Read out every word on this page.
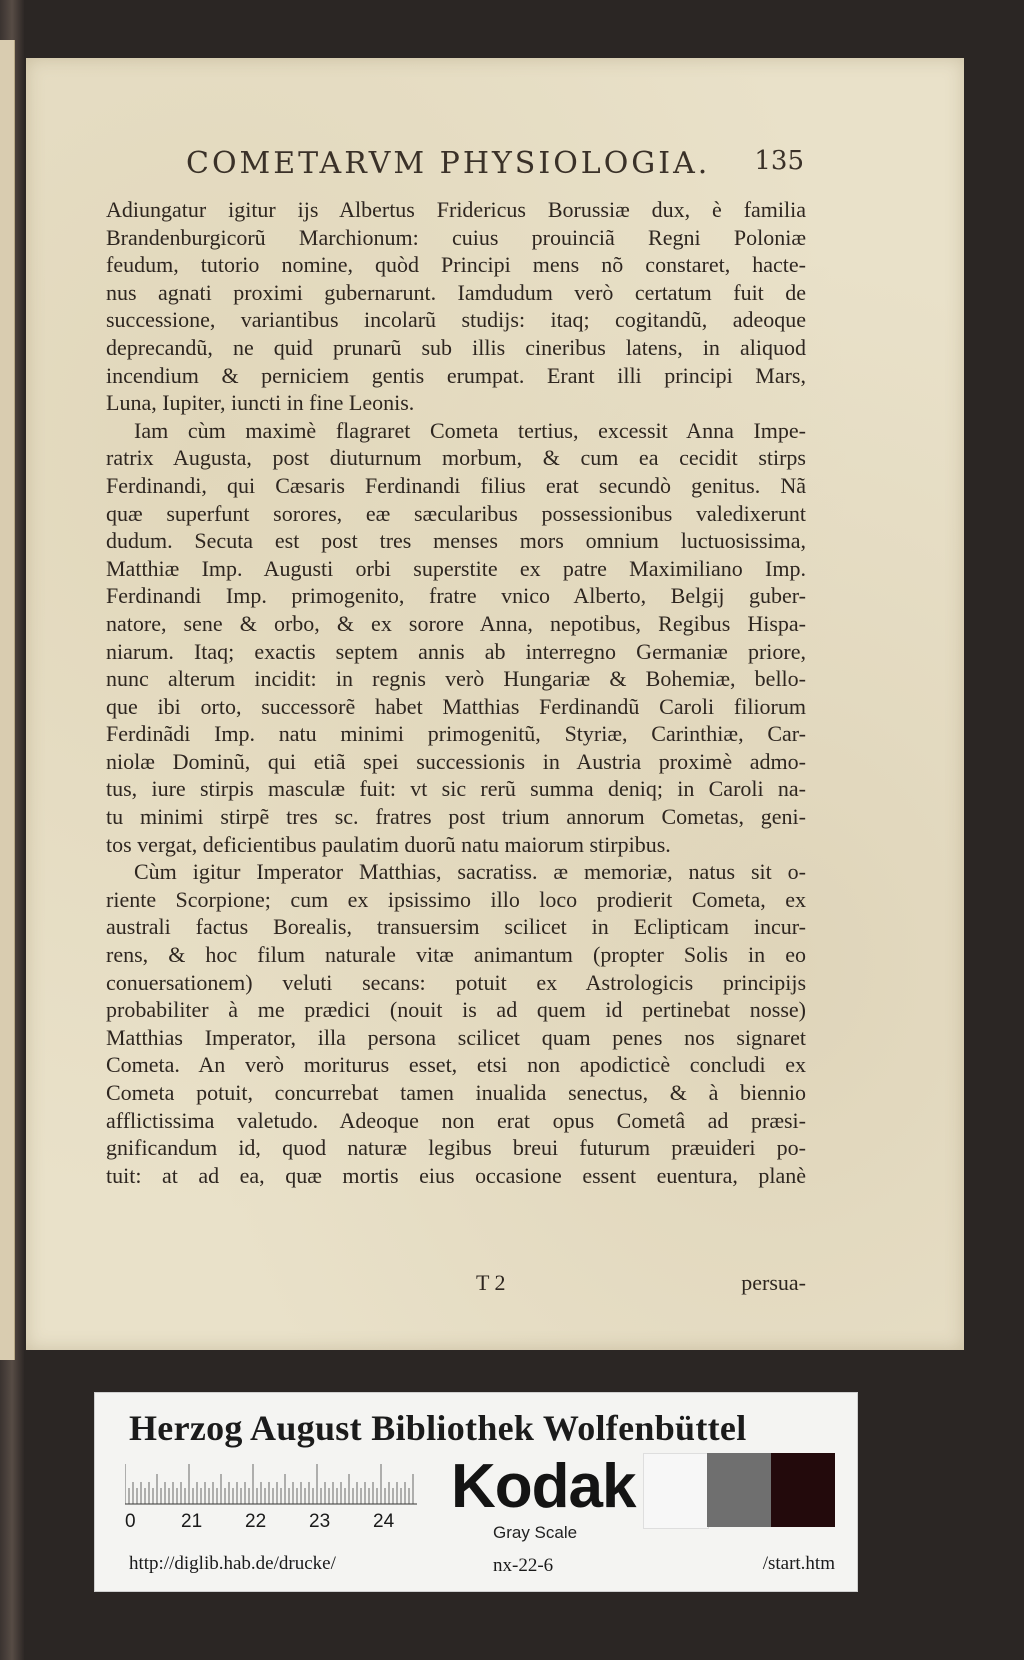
COMETARVM PHYSIOLOGIA. 135
Adiungatur igitur ijs Albertus Fridericus Borussiæ dux, è familia
Brandenburgicorũ Marchionum: cuius prouinciã Regni Poloniæ
feudum, tutorio nomine, quòd Principi mens nõ constaret, hacte-
nus agnati proximi gubernarunt. Iamdudum verò certatum fuit de
successione, variantibus incolarũ studijs: itaq; cogitandũ, adeoque
deprecandũ, ne quid prunarũ sub illis cineribus latens, in aliquod
incendium & perniciem gentis erumpat. Erant illi principi Mars,
Luna, Iupiter, iuncti in fine Leonis.
Iam cùm maximè flagraret Cometa tertius, excessit Anna Impe-
ratrix Augusta, post diuturnum morbum, & cum ea cecidit stirps
Ferdinandi, qui Cæsaris Ferdinandi filius erat secundò genitus. Nã
quæ superfunt sorores, eæ sæcularibus possessionibus valedixerunt
dudum. Secuta est post tres menses mors omnium luctuosissima,
Matthiæ Imp. Augusti orbi superstite ex patre Maximiliano Imp.
Ferdinandi Imp. primogenito, fratre vnico Alberto, Belgij guber-
natore, sene & orbo, & ex sorore Anna, nepotibus, Regibus Hispa-
niarum. Itaq; exactis septem annis ab interregno Germaniæ priore,
nunc alterum incidit: in regnis verò Hungariæ & Bohemiæ, bello-
que ibi orto, successorẽ habet Matthias Ferdinandũ Caroli filiorum
Ferdinãdi Imp. natu minimi primogenitũ, Styriæ, Carinthiæ, Car-
niolæ Dominũ, qui etiã spei successionis in Austria proximè admo-
tus, iure stirpis masculæ fuit: vt sic rerũ summa deniq; in Caroli na-
tu minimi stirpẽ tres sc. fratres post trium annorum Cometas, geni-
tos vergat, deficientibus paulatim duorũ natu maiorum stirpibus.
Cùm igitur Imperator Matthias, sacratiss. æ memoriæ, natus sit o-
riente Scorpione; cum ex ipsissimo illo loco prodierit Cometa, ex
australi factus Borealis, transuersim scilicet in Eclipticam incur-
rens, & hoc filum naturale vitæ animantum (propter Solis in eo
conuersationem) veluti secans: potuit ex Astrologicis principijs
probabiliter à me prædici (nouit is ad quem id pertinebat nosse)
Matthias Imperator, illa persona scilicet quam penes nos signaret
Cometa. An verò moriturus esset, etsi non apodicticè concludi ex
Cometa potuit, concurrebat tamen inualida senectus, & à biennio
afflictissima valetudo. Adeoque non erat opus Cometâ ad præsi-
gnificandum id, quod naturæ legibus breui futurum præuideri po-
tuit: at ad ea, quæ mortis eius occasione essent euentura, planè
T 2	persua-
Herzog August Bibliothek Wolfenbüttel
0 21 22 23 24
Kodak
Gray Scale
http://diglib.hab.de/drucke/	nx-22-6	/start.htm
